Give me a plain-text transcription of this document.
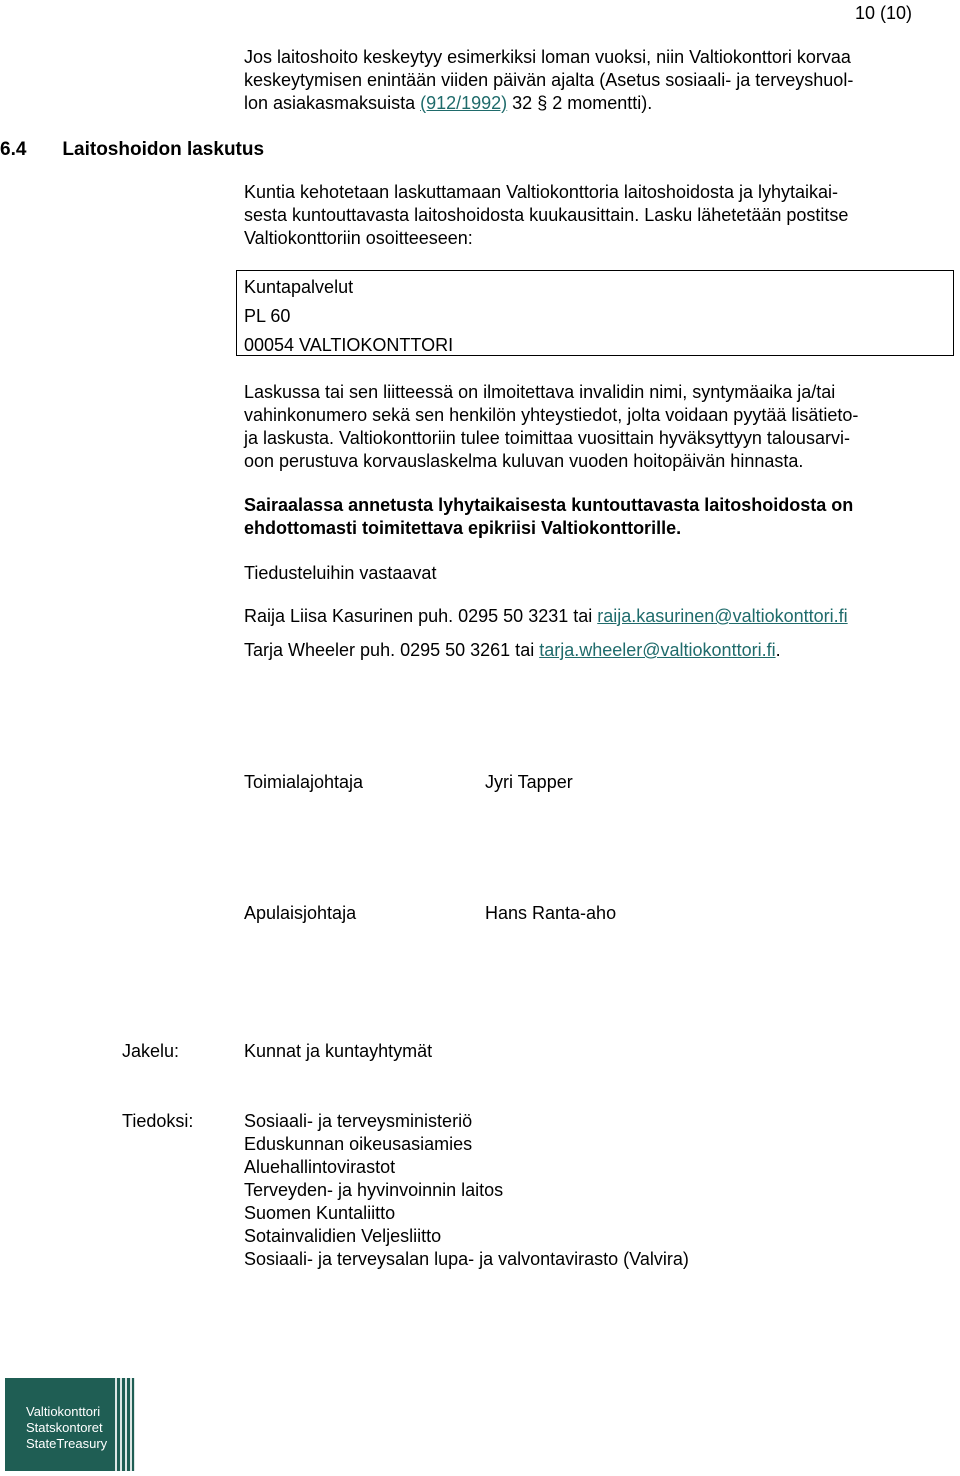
10 (10)

Jos laitoshoito keskeytyy esimerkiksi loman vuoksi, niin Valtiokonttori korvaa

keskeytymisen enintään viiden päivän ajalta (Asetus sosiaali- ja terveyshuol-

lon asiakasmaksuista (912/1992) 32 § 2 momentti).

6.4 Laitoshoidon laskutus

Kuntia kehotetaan laskuttamaan Valtiokonttoria laitoshoidosta ja lyhytaikai-

sesta kuntouttavasta laitoshoidosta kuukausittain. Lasku lähetetään postitse

Valtiokonttoriin osoitteeseen:

Kuntapalvelut
PL 60
00054 VALTIOKONTTORI

Laskussa tai sen liitteessä on ilmoitettava invalidin nimi, syntymäaika ja/tai

vahinkonumero sekä sen henkilön yhteystiedot, jolta voidaan pyytää lisätieto-

ja laskusta. Valtiokonttoriin tulee toimittaa vuosittain hyväksyttyyn talousarvi-

oon perustuva korvauslaskelma kuluvan vuoden hoitopäivän hinnasta.

Sairaalassa annetusta lyhytaikaisesta kuntouttavasta laitoshoidosta on

ehdottomasti toimitettava epikriisi Valtiokonttorille.

Tiedusteluihin vastaavat
Raija Liisa Kasurinen puh. 0295 50 3231 tai raija.kasurinen@valtiokonttori.fi
Tarja Wheeler puh. 0295 50 3261 tai tarja.wheeler@valtiokonttori.fi.
Toimialajohtaja	Jyri Tapper
Apulaisjohtaja	Hans Ranta-aho
Jakelu:	Kunnat ja kuntayhtymät
Tiedoksi:	Sosiaali- ja terveysministeriö

Eduskunnan oikeusasiamies

Aluehallintovirastot

Terveyden- ja hyvinvoinnin laitos

Suomen Kuntaliitto

Sotainvalidien Veljesliitto

Sosiaali- ja terveysalan lupa- ja valvontavirasto (Valvira)

Valtiokonttori
Statskontoret
StateTreasury
